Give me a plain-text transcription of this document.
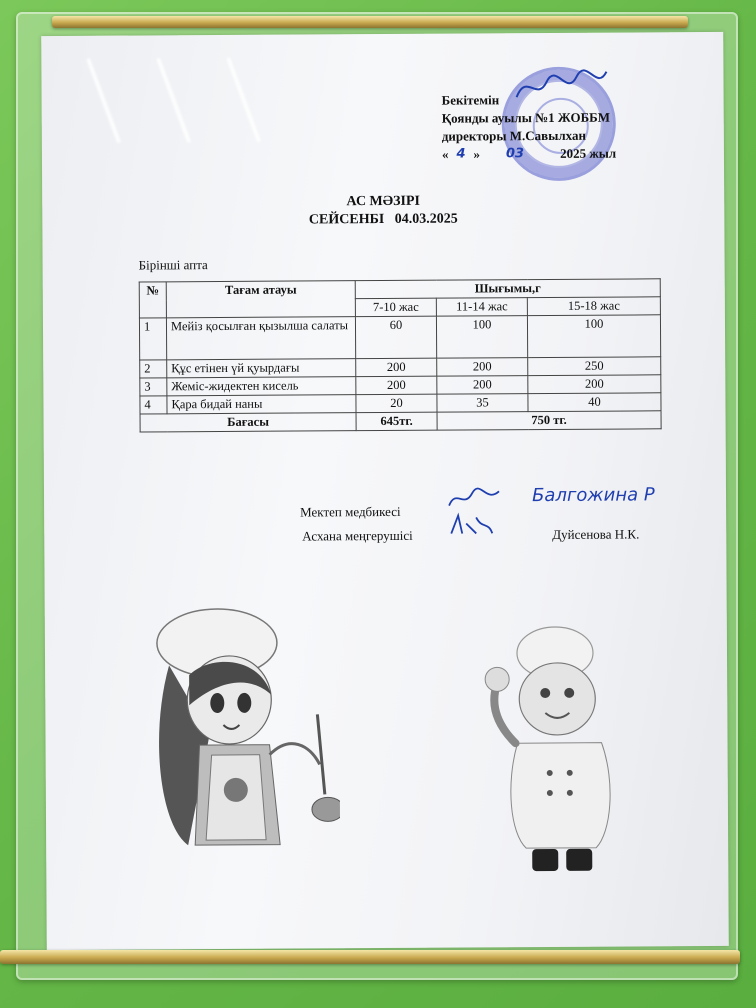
Бекітемін
Қоянды ауылы №1 ЖОББМ
директоры М.Савылхан
« 4 » 03	2025 жыл
АС МӘЗІРІ
СЕЙСЕНБІ   04.03.2025
Бірінші апта
№	Тағам атауы	Шығымы,г		
		7-10 жас	11-14 жас	15-18 жас
1	Мейіз қосылған қызылша салаты	60	100	100
2	Құс етінен үй қуырдағы	200	200	250
3	Жеміс-жидектен кисель	200	200	200
4	Қара бидай наны	20	35	40
Бағасы		645тг.	750 тг.	
Мектеп медбикесі
Балгожина Р
Асхана меңгерушісі	Дуйсенова Н.К.
